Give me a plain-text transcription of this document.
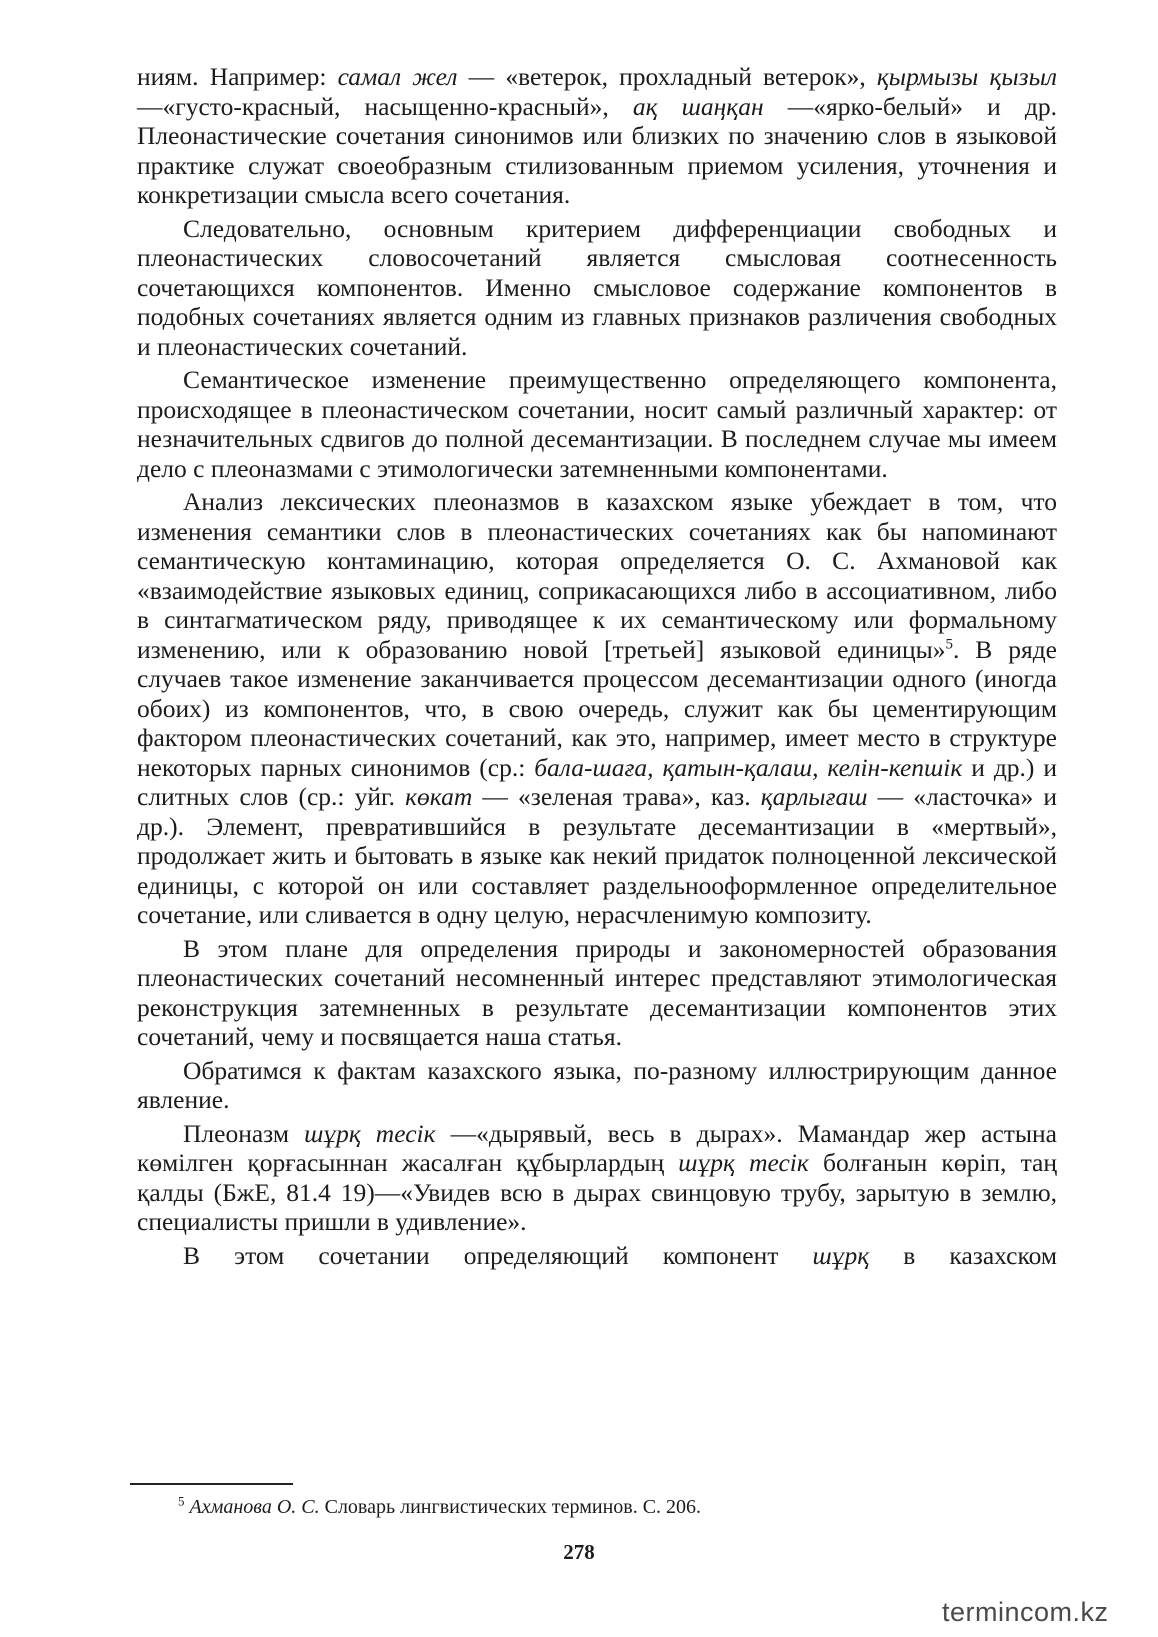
ниям. Например: самал жел — «ветерок, прохладный ветерок», қырмызы қызыл —«густо-красный, насыщенно-красный», ақ шаңқан —«ярко-белый» и др. Плеонастические сочетания синонимов или близких по значению слов в языковой практике служат своеобразным стилизованным приемом усиления, уточнения и конкретизации смысла всего сочетания.

Следовательно, основным критерием дифференциации свободных и плеонастических словосочетаний является смысловая соотнесенность сочетающихся компонентов. Именно смысловое содержание компонентов в подобных сочетаниях является одним из главных признаков различения свободных и плеонастических сочетаний.

Семантическое изменение преимущественно определяющего компонента, происходящее в плеонастическом сочетании, носит самый различный характер: от незначительных сдвигов до полной десемантизации. В последнем случае мы имеем дело с плеоназмами с этимологически затемненными компонентами.

Анализ лексических плеоназмов в казахском языке убеждает в том, что изменения семантики слов в плеонастических сочетаниях как бы напоминают семантическую контаминацию, которая определяется О. С. Ахмановой как «взаимодействие языковых единиц, соприкасающихся либо в ассоциативном, либо в синтагматическом ряду, приводящее к их семантическому или формальному изменению, или к образованию новой [третьей] языковой единицы»$^5$. В ряде случаев такое изменение заканчивается процессом десемантизации одного (иногда обоих) из компонентов, что, в свою очередь, служит как бы цементирующим фактором плеонастических сочетаний, как это, например, имеет место в структуре некоторых парных синонимов (ср.: бала-шаға, қатын-қалаш, келін-кепшік и др.) и слитных слов (ср.: уйг. көкат — «зеленая трава», каз. қарлығаш — «ласточка» и др.). Элемент, превратившийся в результате десемантизации в «мертвый», продолжает жить и бытовать в языке как некий придаток полноценной лексической единицы, с которой он или составляет раздельнооформленное определительное сочетание, или сливается в одну целую, нерасчленимую композиту.

В этом плане для определения природы и закономерностей образования плеонастических сочетаний несомненный интерес представляют этимологическая реконструкция затемненных в результате десемантизации компонентов этих сочетаний, чему и посвящается наша статья.

Обратимся к фактам казахского языка, по-разному иллюстрирующим данное явление.

Плеоназм шұрқ тесік —«дырявый, весь в дырах». Мамандар жер астына көмілген қорғасыннан жасалған құбырлардың шұрқ тесік болғанын көріп, таң қалды (БжЕ, 81.4 19)—«Увидев всю в дырах свинцовую трубу, зарытую в землю, специалисты пришли в удивление».

В этом сочетании определяющий компонент шұрқ в казахском

$^5$ Ахманова О. С. Словарь лингвистических терминов. С. 206.
278
termincom.kz
